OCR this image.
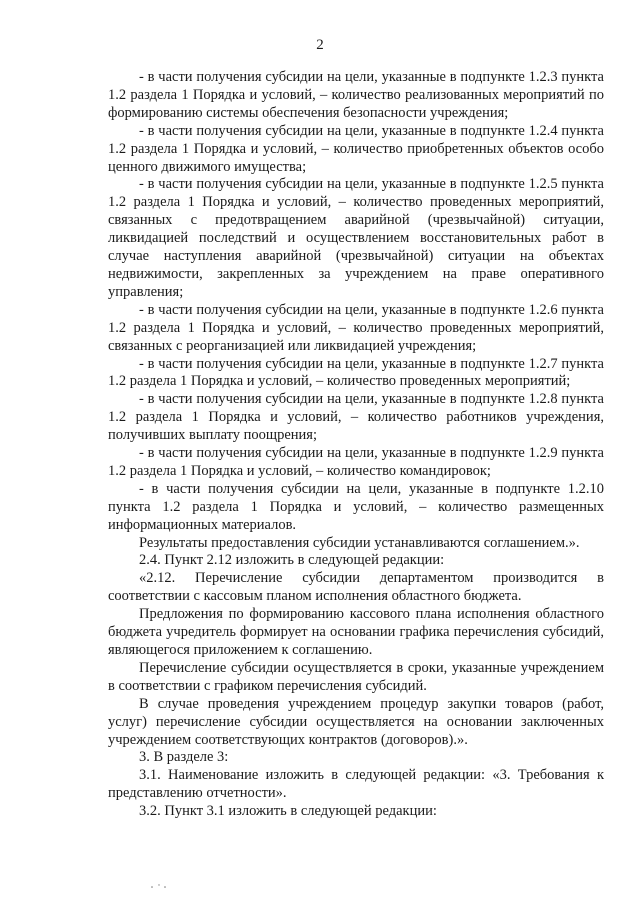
2

- в части получения субсидии на цели, указанные в подпункте 1.2.3 пункта 1.2 раздела 1 Порядка и условий, – количество реализованных мероприятий по формированию системы обеспечения безопасности учреждения;

- в части получения субсидии на цели, указанные в подпункте 1.2.4 пункта 1.2 раздела 1 Порядка и условий, – количество приобретенных объектов особо ценного движимого имущества;

- в части получения субсидии на цели, указанные в подпункте 1.2.5 пункта 1.2 раздела 1 Порядка и условий, – количество проведенных мероприятий, связанных с предотвращением аварийной (чрезвычайной) ситуации, ликвидацией последствий и осуществлением восстановительных работ в случае наступления аварийной (чрезвычайной) ситуации на объектах недвижимости, закрепленных за учреждением на праве оперативного управления;

- в части получения субсидии на цели, указанные в подпункте 1.2.6 пункта 1.2 раздела 1 Порядка и условий, – количество проведенных мероприятий, связанных с реорганизацией или ликвидацией учреждения;

- в части получения субсидии на цели, указанные в подпункте 1.2.7 пункта 1.2 раздела 1 Порядка и условий, – количество проведенных мероприятий;

- в части получения субсидии на цели, указанные в подпункте 1.2.8 пункта 1.2 раздела 1 Порядка и условий, – количество работников учреждения, получивших выплату поощрения;

- в части получения субсидии на цели, указанные в подпункте 1.2.9 пункта 1.2 раздела 1 Порядка и условий, – количество командировок;

- в части получения субсидии на цели, указанные в подпункте 1.2.10 пункта 1.2 раздела 1 Порядка и условий, – количество размещенных информационных материалов.

Результаты предоставления субсидии устанавливаются соглашением.».

2.4. Пункт 2.12 изложить в следующей редакции:

«2.12. Перечисление субсидии департаментом производится в соответствии с кассовым планом исполнения областного бюджета.

Предложения по формированию кассового плана исполнения областного бюджета учредитель формирует на основании графика перечисления субсидий, являющегося приложением к соглашению.

Перечисление субсидии осуществляется в сроки, указанные учреждением в соответствии с графиком перечисления субсидий.

В случае проведения учреждением процедур закупки товаров (работ, услуг) перечисление субсидии осуществляется на основании заключенных учреждением соответствующих контрактов (договоров).».

3. В разделе 3:

3.1. Наименование изложить в следующей редакции: «3. Требования к представлению отчетности».

3.2. Пункт 3.1 изложить в следующей редакции:
